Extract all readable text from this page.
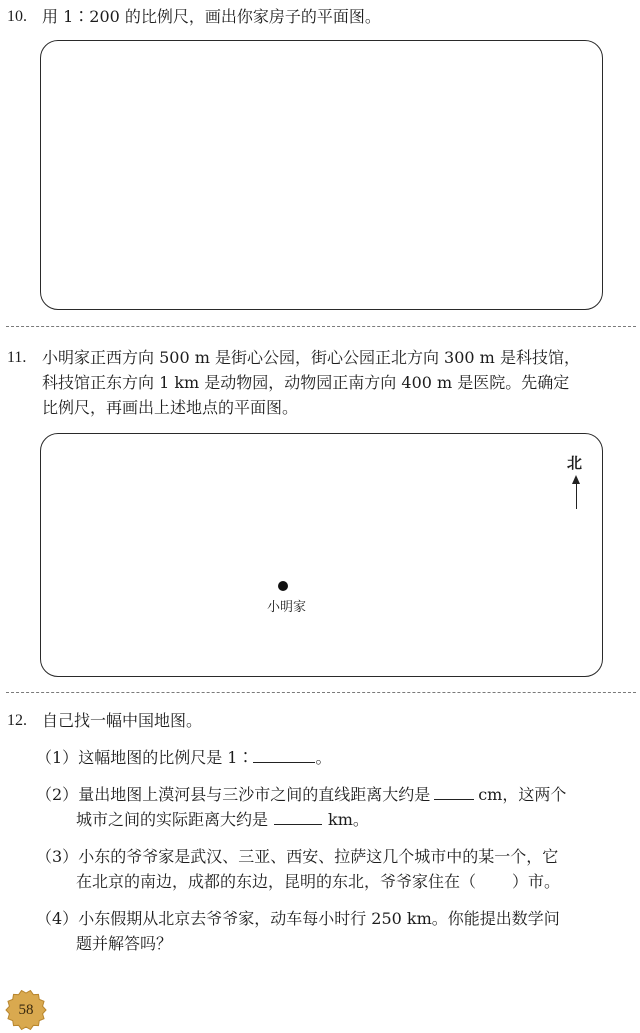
10. 用 1∶200 的比例尺，画出你家房子的平面图。
11. 小明家正西方向 500 m 是街心公园，街心公园正北方向 300 m 是科技馆，
科技馆正东方向 1 km 是动物园，动物园正南方向 400 m 是医院。先确定
比例尺，再画出上述地点的平面图。
北
小明家
12. 自己找一幅中国地图。
（1）这幅地图的比例尺是 1∶	。
（2）量出地图上漠河县与三沙市之间的直线距离大约是	cm，这两个
城市之间的实际距离大约是	km。
（3）小东的爷爷家是武汉、三亚、西安、拉萨这几个城市中的某一个，它
在北京的南边，成都的东边，昆明的东北，爷爷家住在（ ）市。
（4）小东假期从北京去爷爷家，动车每小时行 250 km。你能提出数学问
题并解答吗？
58
